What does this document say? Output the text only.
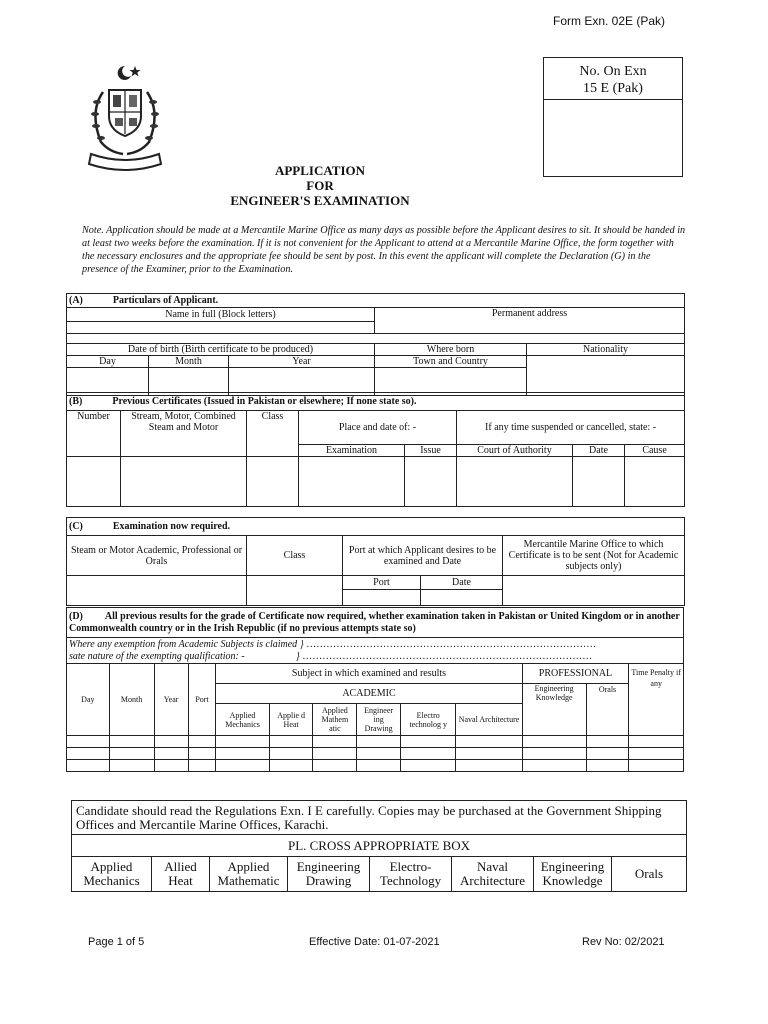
Form Exn. 02E (Pak)
No. On Exn
15 E (Pak)
APPLICATION
FOR
ENGINEER'S EXAMINATION
Note. Application should be made at a Mercantile Marine Office as many days as possible before the Applicant desires to sit. It should be handed in at least two weeks before the examination. If it is not convenient for the Applicant to attend at a Mercantile Marine Office, the form together with the necessary enclosures and the appropriate fee should be sent by post. In this event the applicant will complete the Declaration (G) in the presence of the Examiner, prior to the Examination.
(A) Particulars of Applicant.				
Name in full (Block letters)			Permanent address	

Date of birth (Birth certificate to be produced)			Where born	Nationality
Day	Month	Year	Town and Country	

(B) Previous Certificates (Issued in Pakistan or elsewhere; If none state so).							
Number	Stream, Motor, Combined Steam and Motor	Class	Place and date of: -		If any time suspended or cancelled, state: -		
			Examination	Issue	Court of Authority	Date	Cause

(C) Examination now required.				
Steam or Motor Academic, Professional or Orals	Class	Port at which Applicant desires to be examined and Date		Mercantile Marine Office to which Certificate is to be sent (Not for Academic subjects only)
		Port	Date	

(D) All previous results for the grade of Certificate now required, whether examination taken in Pakistan or United Kingdom or in another Commonwealth country or in the Irish Republic (if no previous attempts state so)												

Where any exemption from Academic Subjects is claimed } ……………………………………………………………………………
sate nature of the exempting qualification: - } ……………………………………………………………………………												

Day	Month	Year	Port	Subject in which examined and results						PROFESSIONAL		Time Penalty if any
				ACADEMIC						Engineering Knowledge	Orals	
				Applied Mechanics	Applie d Heat	Applied Mathem atic	Engineer ing Drawing	Electro technolog y	Naval Architecture			

Candidate should read the Regulations Exn. I E carefully. Copies may be purchased at the Government Shipping Offices and Mercantile Marine Offices, Karachi.
PL. CROSS APPROPRIATE BOX
Applied Mechanics	Allied Heat	Applied Mathematic	Engineering Drawing	Electro- Technology	Naval Architecture	Engineering Knowledge	Orals
Page 1 of 5	Effective Date: 01-07-2021	Rev No: 02/2021
